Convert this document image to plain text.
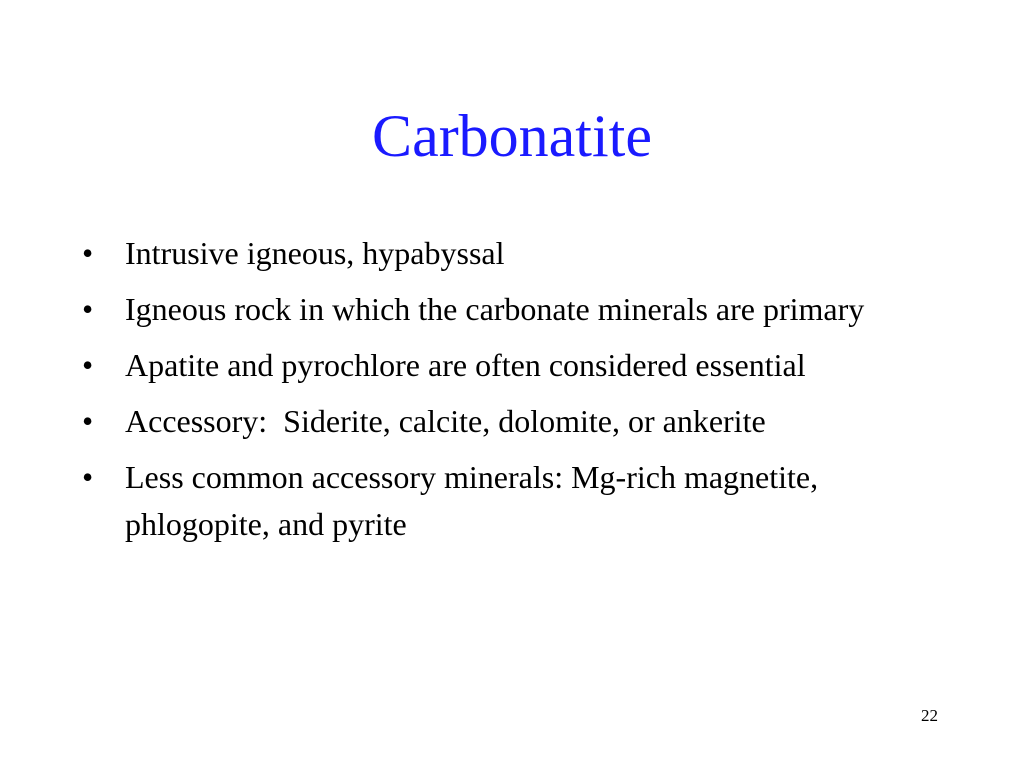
Carbonatite
• Intrusive igneous, hypabyssal
• Igneous rock in which the carbonate minerals are primary
• Apatite and pyrochlore are often considered essential
• Accessory:  Siderite, calcite, dolomite, or ankerite
• Less common accessory minerals: Mg-rich magnetite, phlogopite, and pyrite
22
